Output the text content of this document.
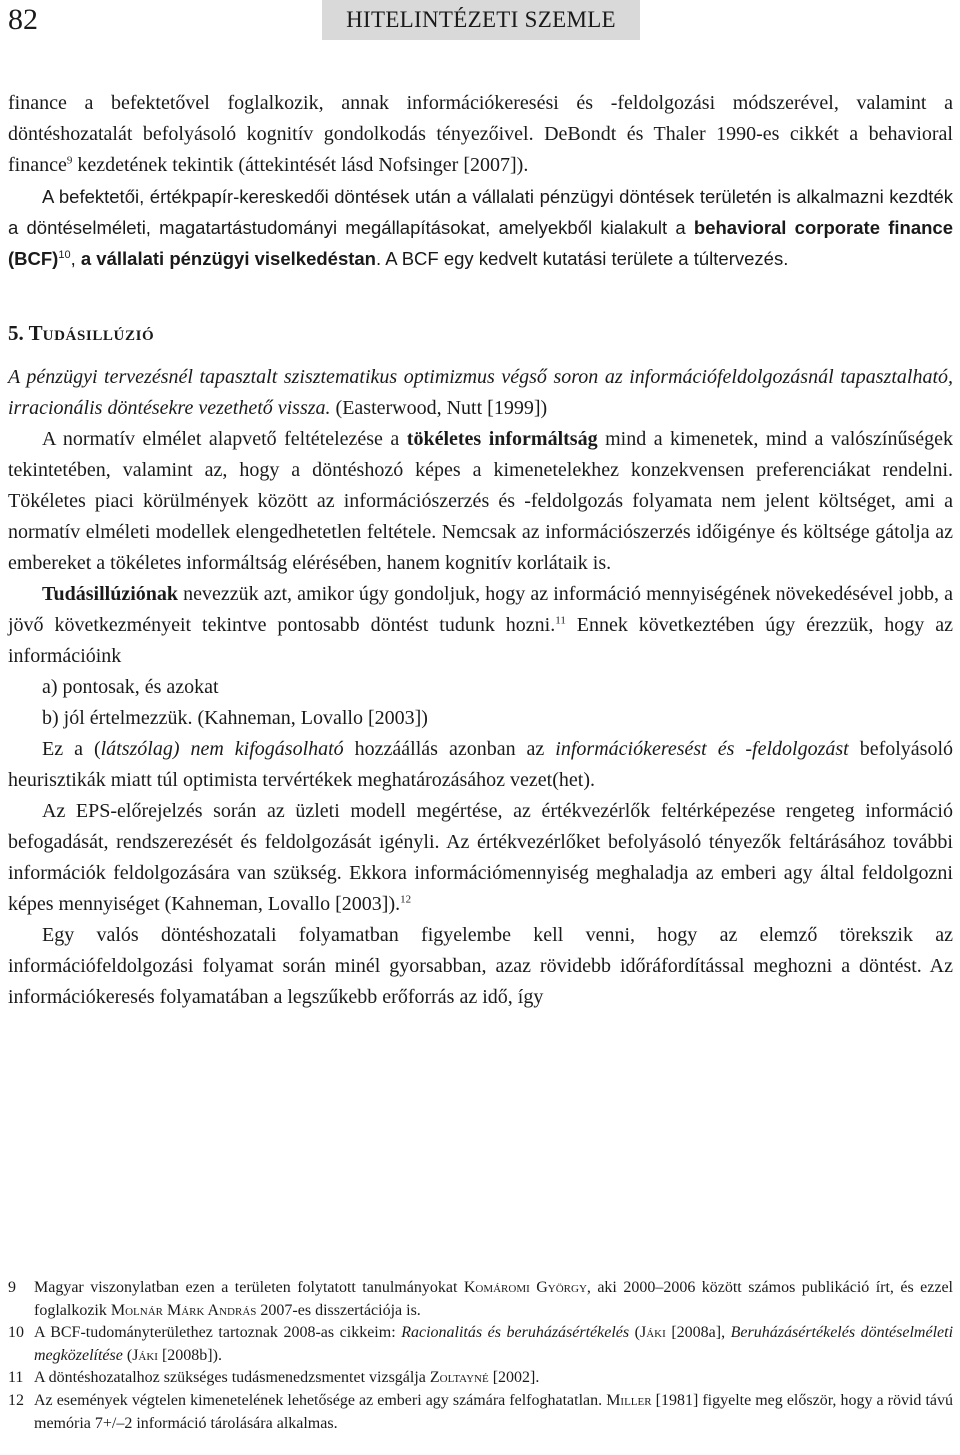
82	HITELINTÉZETI SZEMLE

finance a befektetővel foglalkozik, annak információkeresési és -feldolgozási módszerével, valamint a döntéshozatalát befolyásoló kognitív gondolkodás tényezőivel. DeBondt és Thaler 1990-es cikkét a behavioral finance$^9$ kezdetének tekintik (áttekintését lásd Nofsinger [2007]).

A befektetői, értékpapír-kereskedői döntések után a vállalati pénzügyi döntések területén is alkalmazni kezdték a döntéselméleti, magatartástudományi megállapításokat, amelyekből kialakult a behavioral corporate finance (BCF)$^{10}$, a vállalati pénzügyi viselkedéstan. A BCF egy kedvelt kutatási területe a túltervezés.

5. Tudásillúzió

A pénzügyi tervezésnél tapasztalt szisztematikus optimizmus végső soron az információfeldolgozásnál tapasztalható, irracionális döntésekre vezethető vissza. (Easterwood, Nutt [1999])

A normatív elmélet alapvető feltételezése a tökéletes informáltság mind a kimenetek, mind a valószínűségek tekintetében, valamint az, hogy a döntéshozó képes a kimenetelekhez konzekvensen preferenciákat rendelni. Tökéletes piaci körülmények között az információszerzés és -feldolgozás folyamata nem jelent költséget, ami a normatív elméleti modellek elengedhetetlen feltétele. Nemcsak az információszerzés időigénye és költsége gátolja az embereket a tökéletes informáltság elérésében, hanem kognitív korlátaik is.

Tudásillúziónak nevezzük azt, amikor úgy gondoljuk, hogy az információ mennyiségének növekedésével jobb, a jövő következményeit tekintve pontosabb döntést tudunk hozni.$^{11}$ Ennek következtében úgy érezzük, hogy az információink

a) pontosak, és azokat

b) jól értelmezzük. (Kahneman, Lovallo [2003])

Ez a (látszólag) nem kifogásolható hozzáállás azonban az információkeresést és -feldolgozást befolyásoló heurisztikák miatt túl optimista tervértékek meghatározásához vezet(het).

Az EPS-előrejelzés során az üzleti modell megértése, az értékvezérlők feltérképezése rengeteg információ befogadását, rendszerezését és feldolgozását igényli. Az értékvezérlőket befolyásoló tényezők feltárásához további információk feldolgozására van szükség. Ekkora információmennyiség meghaladja az emberi agy által feldolgozni képes mennyiséget (Kahneman, Lovallo [2003]).$^{12}$

Egy valós döntéshozatali folyamatban figyelembe kell venni, hogy az elemző törekszik az információfeldolgozási folyamat során minél gyorsabban, azaz rövidebb időráfordítással meghozni a döntést. Az információkeresés folyamatában a legszűkebb erőforrás az idő, így

9	Magyar viszonylatban ezen a területen folytatott tanulmányokat Komáromi György, aki 2000–2006 között számos publikáció írt, és ezzel foglalkozik Molnár Márk András 2007-es disszertációja is.
10 A BCF-tudományterülethez tartoznak 2008-as cikkeim: Racionalitás és beruházásértékelés (Jáki [2008a], Beruházásértékelés döntéselméleti megközelítése (Jáki [2008b]).
11 A döntéshozatalhoz szükséges tudásmenedzsmentet vizsgálja Zoltayné [2002].
12 Az események végtelen kimenetelének lehetősége az emberi agy számára felfoghatatlan. Miller [1981] figyelte meg először, hogy a rövid távú memória 7+/–2 információ tárolására alkalmas.
